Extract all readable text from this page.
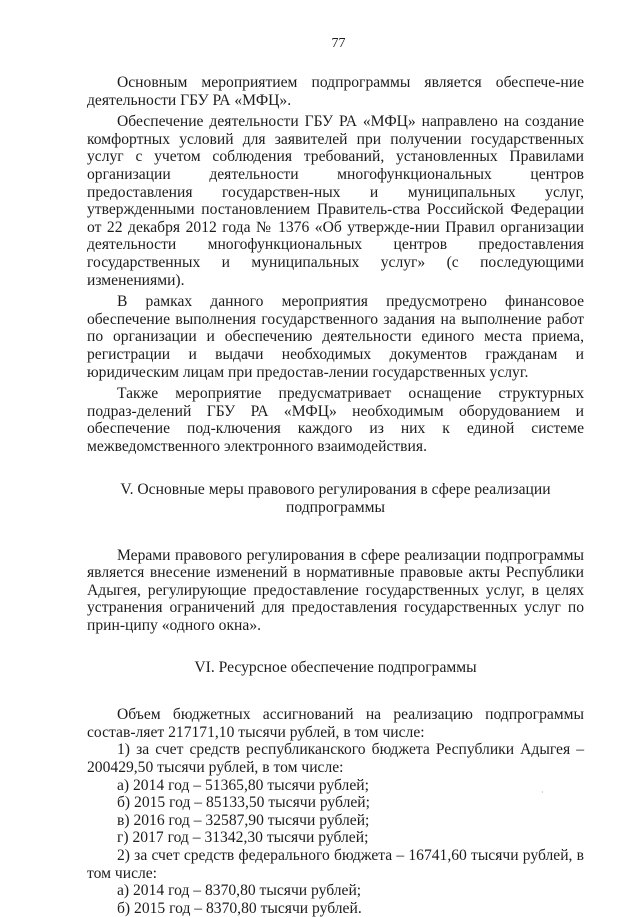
77

Основным мероприятием подпрограммы является обеспече-ние деятельности ГБУ РА «МФЦ».

Обеспечение деятельности ГБУ РА «МФЦ» направлено на создание комфортных условий для заявителей при получении государственных услуг с учетом соблюдения требований, установленных Правилами организации деятельности многофункциональных центров предоставления государствен-ных и муниципальных услуг, утвержденными постановлением Правитель-ства Российской Федерации от 22 декабря 2012 года № 1376 «Об утвержде-нии Правил организации деятельности многофункциональных центров предоставления государственных и муниципальных услуг» (с последующими изменениями).

В рамках данного мероприятия предусмотрено финансовое обеспечение выполнения государственного задания на выполнение работ по организации и обеспечению деятельности единого места приема, регистрации и выдачи необходимых документов гражданам и юридическим лицам при предостав-лении государственных услуг.

Также мероприятие предусматривает оснащение структурных подраз-делений ГБУ РА «МФЦ» необходимым оборудованием и обеспечение под-ключения каждого из них к единой системе межведомственного электронного взаимодействия.

V. Основные меры правового регулирования в сфере реализации
подпрограммы

Мерами правового регулирования в сфере реализации подпрограммы является внесение изменений в нормативные правовые акты Республики Адыгея, регулирующие предоставление государственных услуг, в целях устранения ограничений для предоставления государственных услуг по прин-ципу «одного окна».

VI. Ресурсное обеспечение подпрограммы

Объем бюджетных ассигнований на реализацию подпрограммы состав-ляет 217171,10 тысячи рублей, в том числе:

1) за счет средств республиканского бюджета Республики Адыгея – 200429,50 тысячи рублей, в том числе:

а) 2014 год – 51365,80 тысячи рублей;
б) 2015 год – 85133,50 тысячи рублей;
в) 2016 год – 32587,90 тысячи рублей;
г) 2017 год – 31342,30 тысячи рублей;

2) за счет средств федерального бюджета – 16741,60 тысячи рублей, в том числе:

а) 2014 год – 8370,80 тысячи рублей;
б) 2015 год – 8370,80 тысячи рублей.
·
